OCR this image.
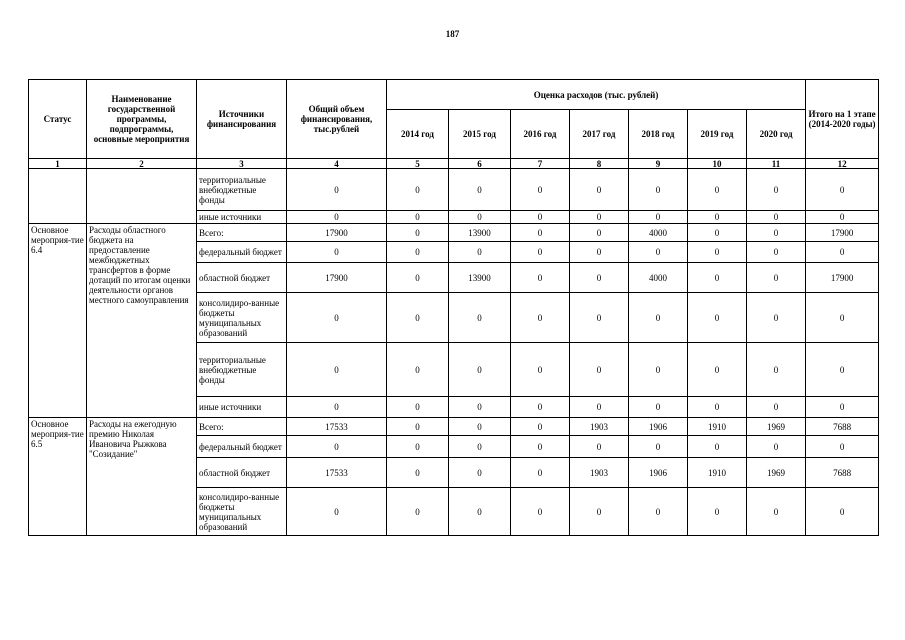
187
Статус	Наименование государственной программы, подпрограммы, основные мероприятия	Источники финансирования	Общий объем финансирования, тыс.рублей	Оценка расходов (тыс. рублей)							Итого на 1 этапе (2014-2020 годы)
				2014 год	2015 год	2016 год	2017 год	2018 год	2019 год	2020 год	
1	2	3	4	5	6	7	8	9	10	11	12
		территориальные внебюджетные фонды	0	0	0	0	0	0	0	0	0
		иные источники	0	0	0	0	0	0	0	0	0
Основное мероприя-тие 6.4	Расходы областного бюджета на предоставление межбюджетных трансфертов в форме дотаций по итогам оценки деятельности органов местного самоуправления	Всего:	17900	0	13900	0	0	4000	0	0	17900
		федеральный бюджет	0	0	0	0	0	0	0	0	0
		областной бюджет	17900	0	13900	0	0	4000	0	0	17900
		консолидиро-ванные бюджеты муниципальных образований	0	0	0	0	0	0	0	0	0
		территориальные внебюджетные фонды	0	0	0	0	0	0	0	0	0
		иные источники	0	0	0	0	0	0	0	0	0
Основное мероприя-тие 6.5	Расходы на ежегодную премию Николая Ивановича Рыжкова "Созидание"	Всего:	17533	0	0	0	1903	1906	1910	1969	7688
		федеральный бюджет	0	0	0	0	0	0	0	0	0
		областной бюджет	17533	0	0	0	1903	1906	1910	1969	7688
		консолидиро-ванные бюджеты муниципальных образований	0	0	0	0	0	0	0	0	0
